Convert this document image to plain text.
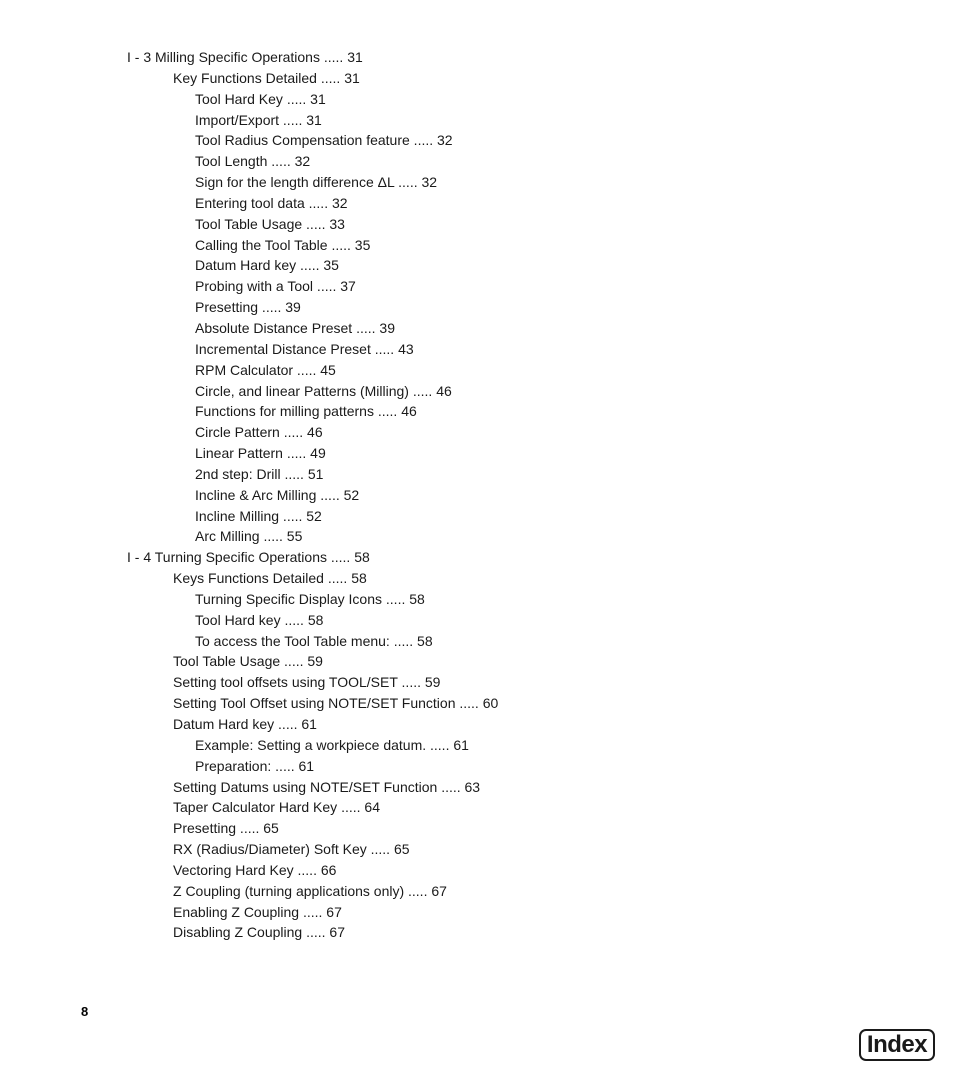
I - 3 Milling Specific Operations ..... 31
Key Functions Detailed ..... 31
Tool Hard Key ..... 31
Import/Export ..... 31
Tool Radius Compensation feature ..... 32
Tool Length ..... 32
Sign for the length difference ΔL ..... 32
Entering tool data ..... 32
Tool Table Usage ..... 33
Calling the Tool Table ..... 35
Datum Hard key ..... 35
Probing with a Tool ..... 37
Presetting ..... 39
Absolute Distance Preset ..... 39
Incremental Distance Preset ..... 43
RPM Calculator ..... 45
Circle, and linear Patterns (Milling) ..... 46
Functions for milling patterns ..... 46
Circle Pattern ..... 46
Linear Pattern ..... 49
2nd step: Drill ..... 51
Incline & Arc Milling ..... 52
Incline Milling ..... 52
Arc Milling ..... 55
I - 4 Turning Specific Operations ..... 58
Keys Functions Detailed ..... 58
Turning Specific Display Icons ..... 58
Tool Hard key ..... 58
To access the Tool Table menu: ..... 58
Tool Table Usage ..... 59
Setting tool offsets using TOOL/SET ..... 59
Setting Tool Offset using NOTE/SET Function ..... 60
Datum Hard key ..... 61
Example: Setting a workpiece datum. ..... 61
Preparation: ..... 61
Setting Datums using NOTE/SET Function ..... 63
Taper Calculator Hard Key ..... 64
Presetting ..... 65
RX (Radius/Diameter) Soft Key ..... 65
Vectoring Hard Key ..... 66
Z Coupling (turning applications only) ..... 67
Enabling Z Coupling ..... 67
Disabling Z Coupling ..... 67
8
Index
